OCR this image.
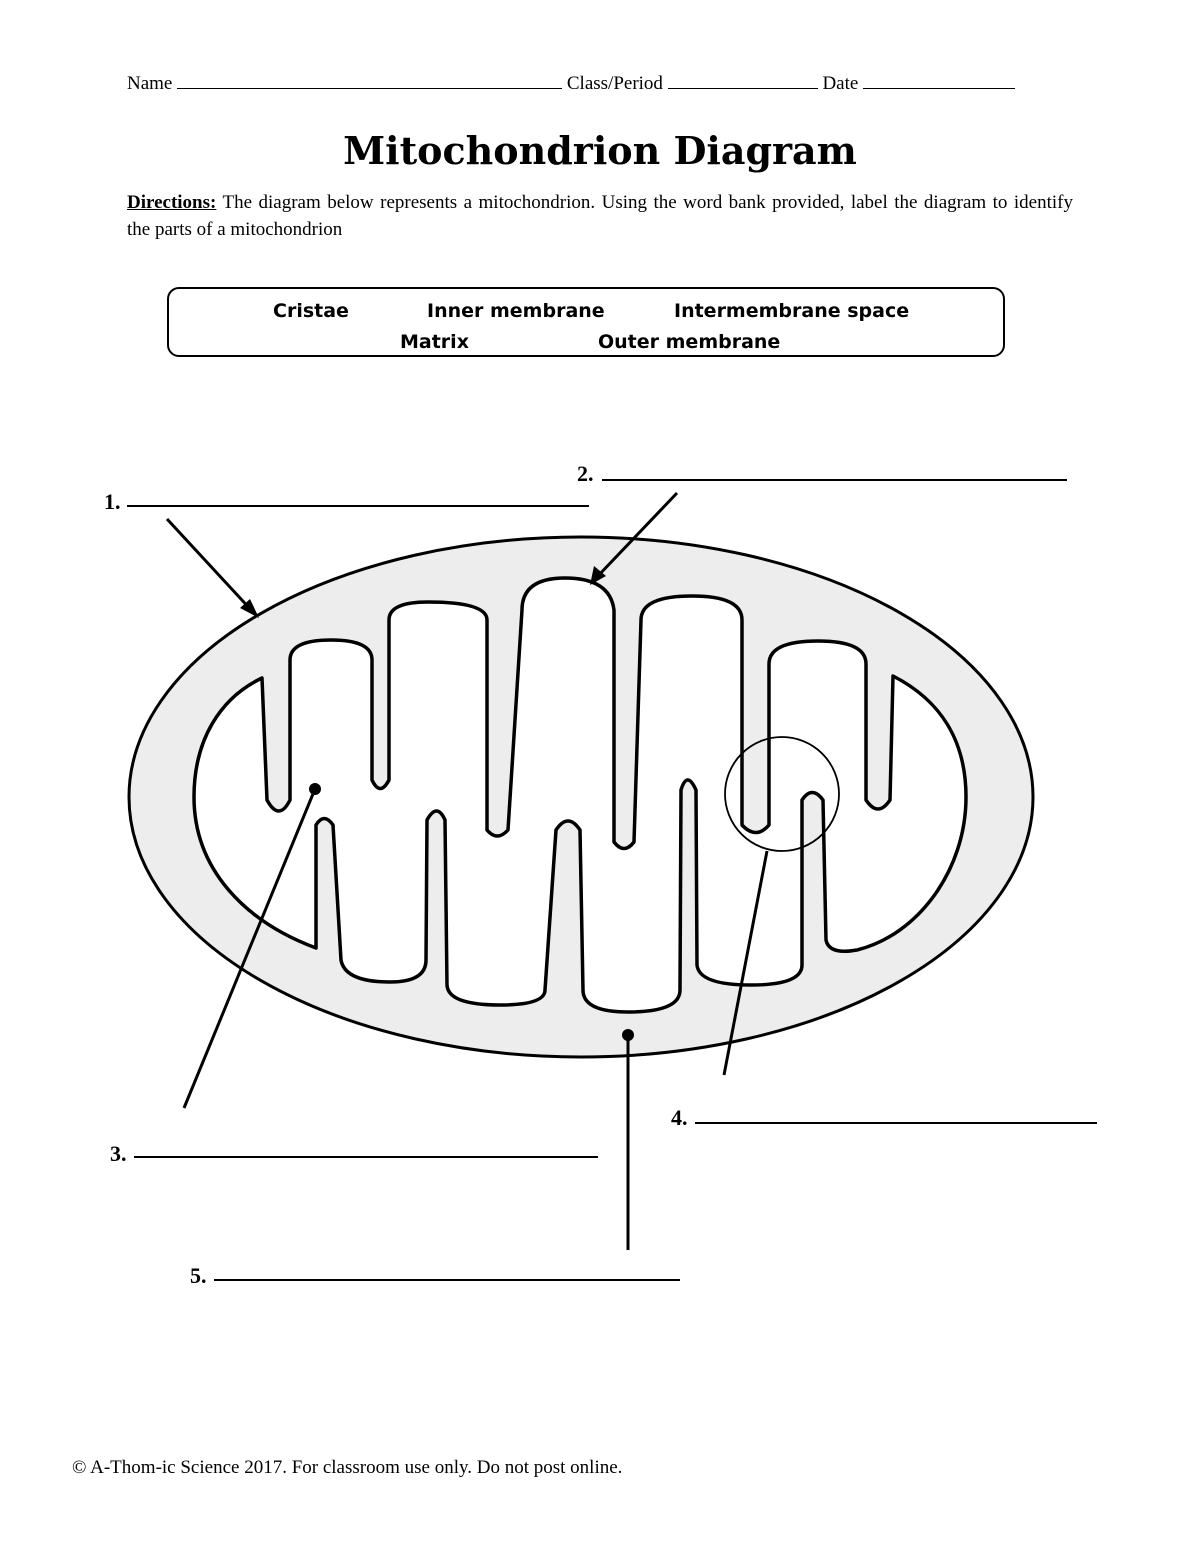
Name	Class/Period	Date
Mitochondrion Diagram
Directions: The diagram below represents a mitochondrion. Using the word bank provided, label the diagram to identify the parts of a mitochondrion
Cristae	Inner membrane	Intermembrane space
Matrix	Outer membrane
1.
2.
3.
4.
5.
© A-Thom-ic Science 2017. For classroom use only. Do not post online.
